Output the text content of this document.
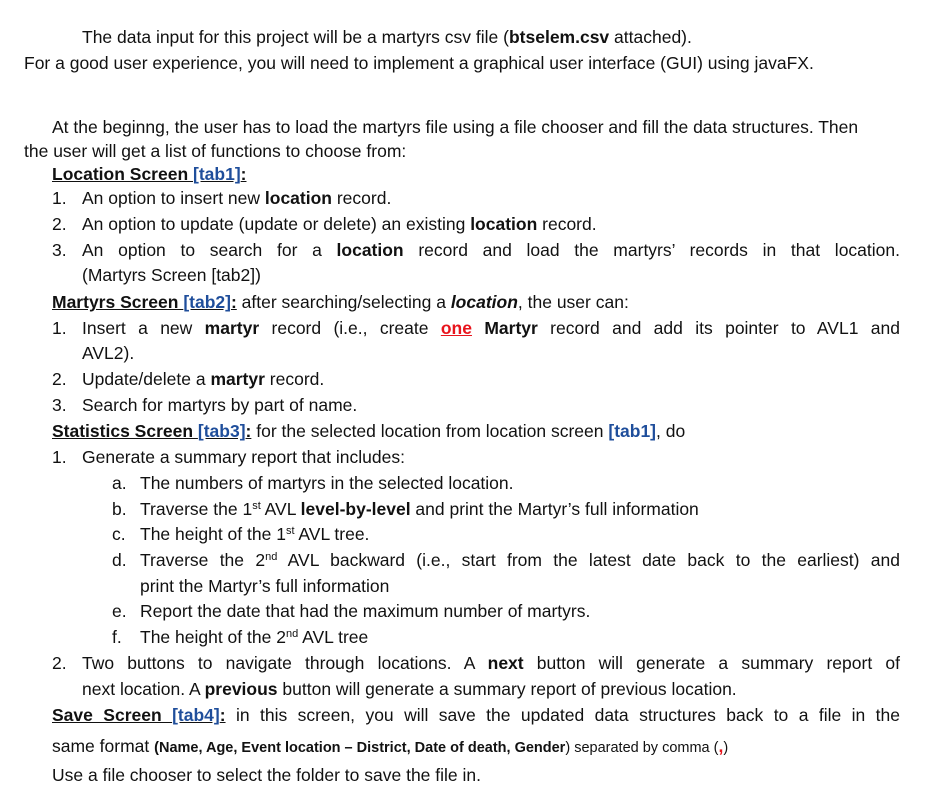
The data input for this project will be a martyrs csv file (btselem.csv attached).
For a good user experience, you will need to implement a graphical user interface (GUI) using javaFX.
At the beginng, the user has to load the martyrs file using a file chooser and fill the data structures. Then
the user will get a list of functions to choose from:
Location Screen [tab1]:
1. An option to insert new location record.
2. An option to update (update or delete) an existing location record.
3. An option to search for a location record and load the martyrs’ records in that location.
(Martyrs Screen [tab2])
Martyrs Screen [tab2]: after searching/selecting a location, the user can:
1. Insert a new martyr record (i.e., create one Martyr record and add its pointer to AVL1 and
AVL2).
2. Update/delete a martyr record.
3. Search for martyrs by part of name.
Statistics Screen [tab3]: for the selected location from location screen [tab1], do
1. Generate a summary report that includes:
a. The numbers of martyrs in the selected location.
b. Traverse the 1st AVL level-by-level and print the Martyr’s full information
c. The height of the 1st AVL tree.
d. Traverse the 2nd AVL backward (i.e., start from the latest date back to the earliest) and
print the Martyr’s full information
e. Report the date that had the maximum number of martyrs.
f. The height of the 2nd AVL tree
2. Two buttons to navigate through locations. A next button will generate a summary report of
next location. A previous button will generate a summary report of previous location.
Save Screen [tab4]: in this screen, you will save the updated data structures back to a file in the
same format (Name, Age, Event location – District, Date of death, Gender) separated by comma (,)
Use a file chooser to select the folder to save the file in.
